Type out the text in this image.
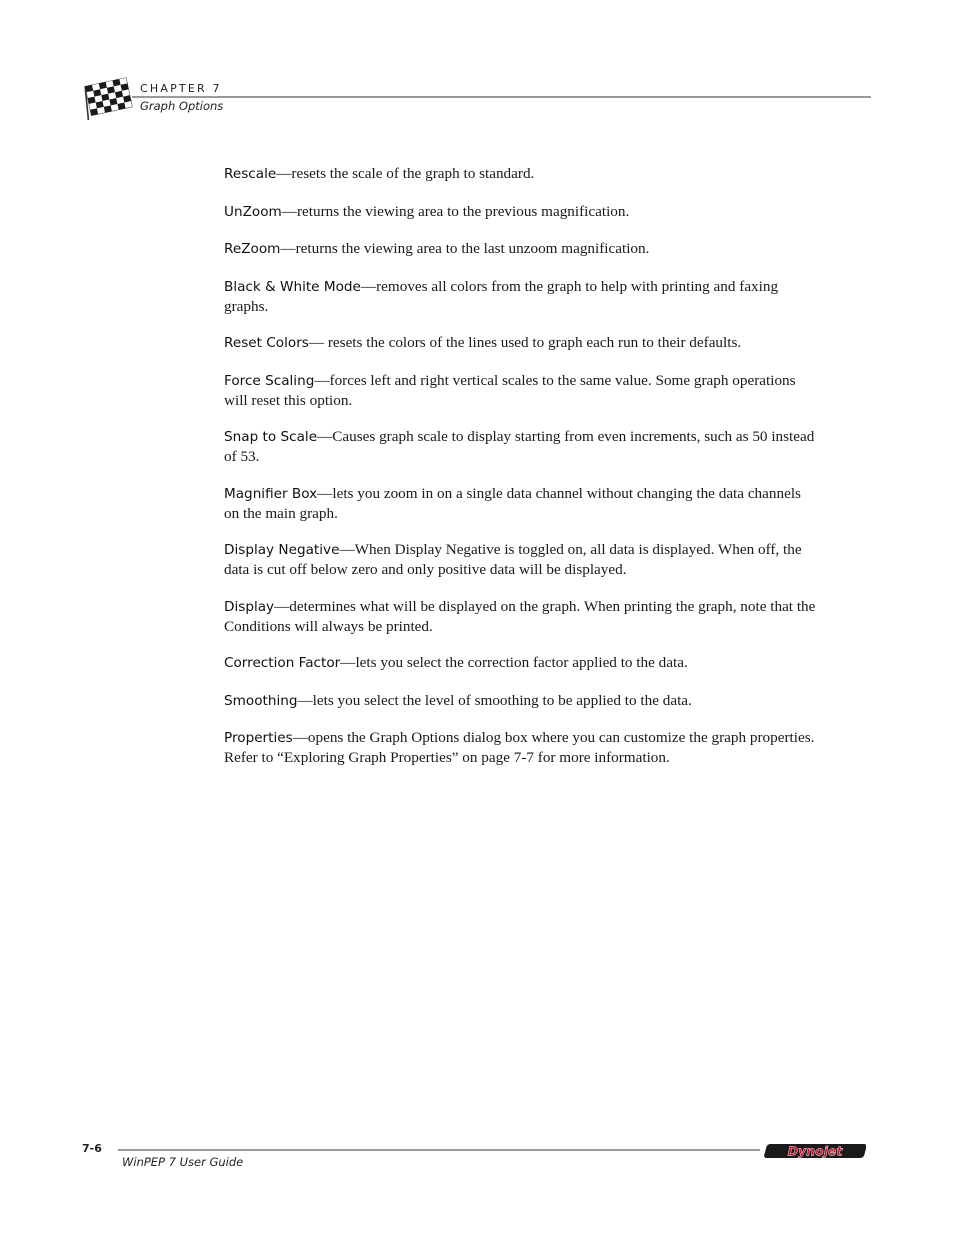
CHAPTER 7
Graph Options

Rescale—resets the scale of the graph to standard.

UnZoom—returns the viewing area to the previous magnification.

ReZoom—returns the viewing area to the last unzoom magnification.

Black & White Mode—removes all colors from the graph to help with printing and faxing graphs.

Reset Colors— resets the colors of the lines used to graph each run to their defaults.

Force Scaling—forces left and right vertical scales to the same value. Some graph operations will reset this option.

Snap to Scale—Causes graph scale to display starting from even increments, such as 50 instead of 53.

Magnifier Box—lets you zoom in on a single data channel without changing the data channels on the main graph.

Display Negative—When Display Negative is toggled on, all data is displayed. When off, the data is cut off below zero and only positive data will be displayed.

Display—determines what will be displayed on the graph. When printing the graph, note that the Conditions will always be printed.

Correction Factor—lets you select the correction factor applied to the data.

Smoothing—lets you select the level of smoothing to be applied to the data.

Properties—opens the Graph Options dialog box where you can customize the graph properties. Refer to “Exploring Graph Properties” on page 7-7 for more information.

7-6
WinPEP 7 User Guide
Dynojet
